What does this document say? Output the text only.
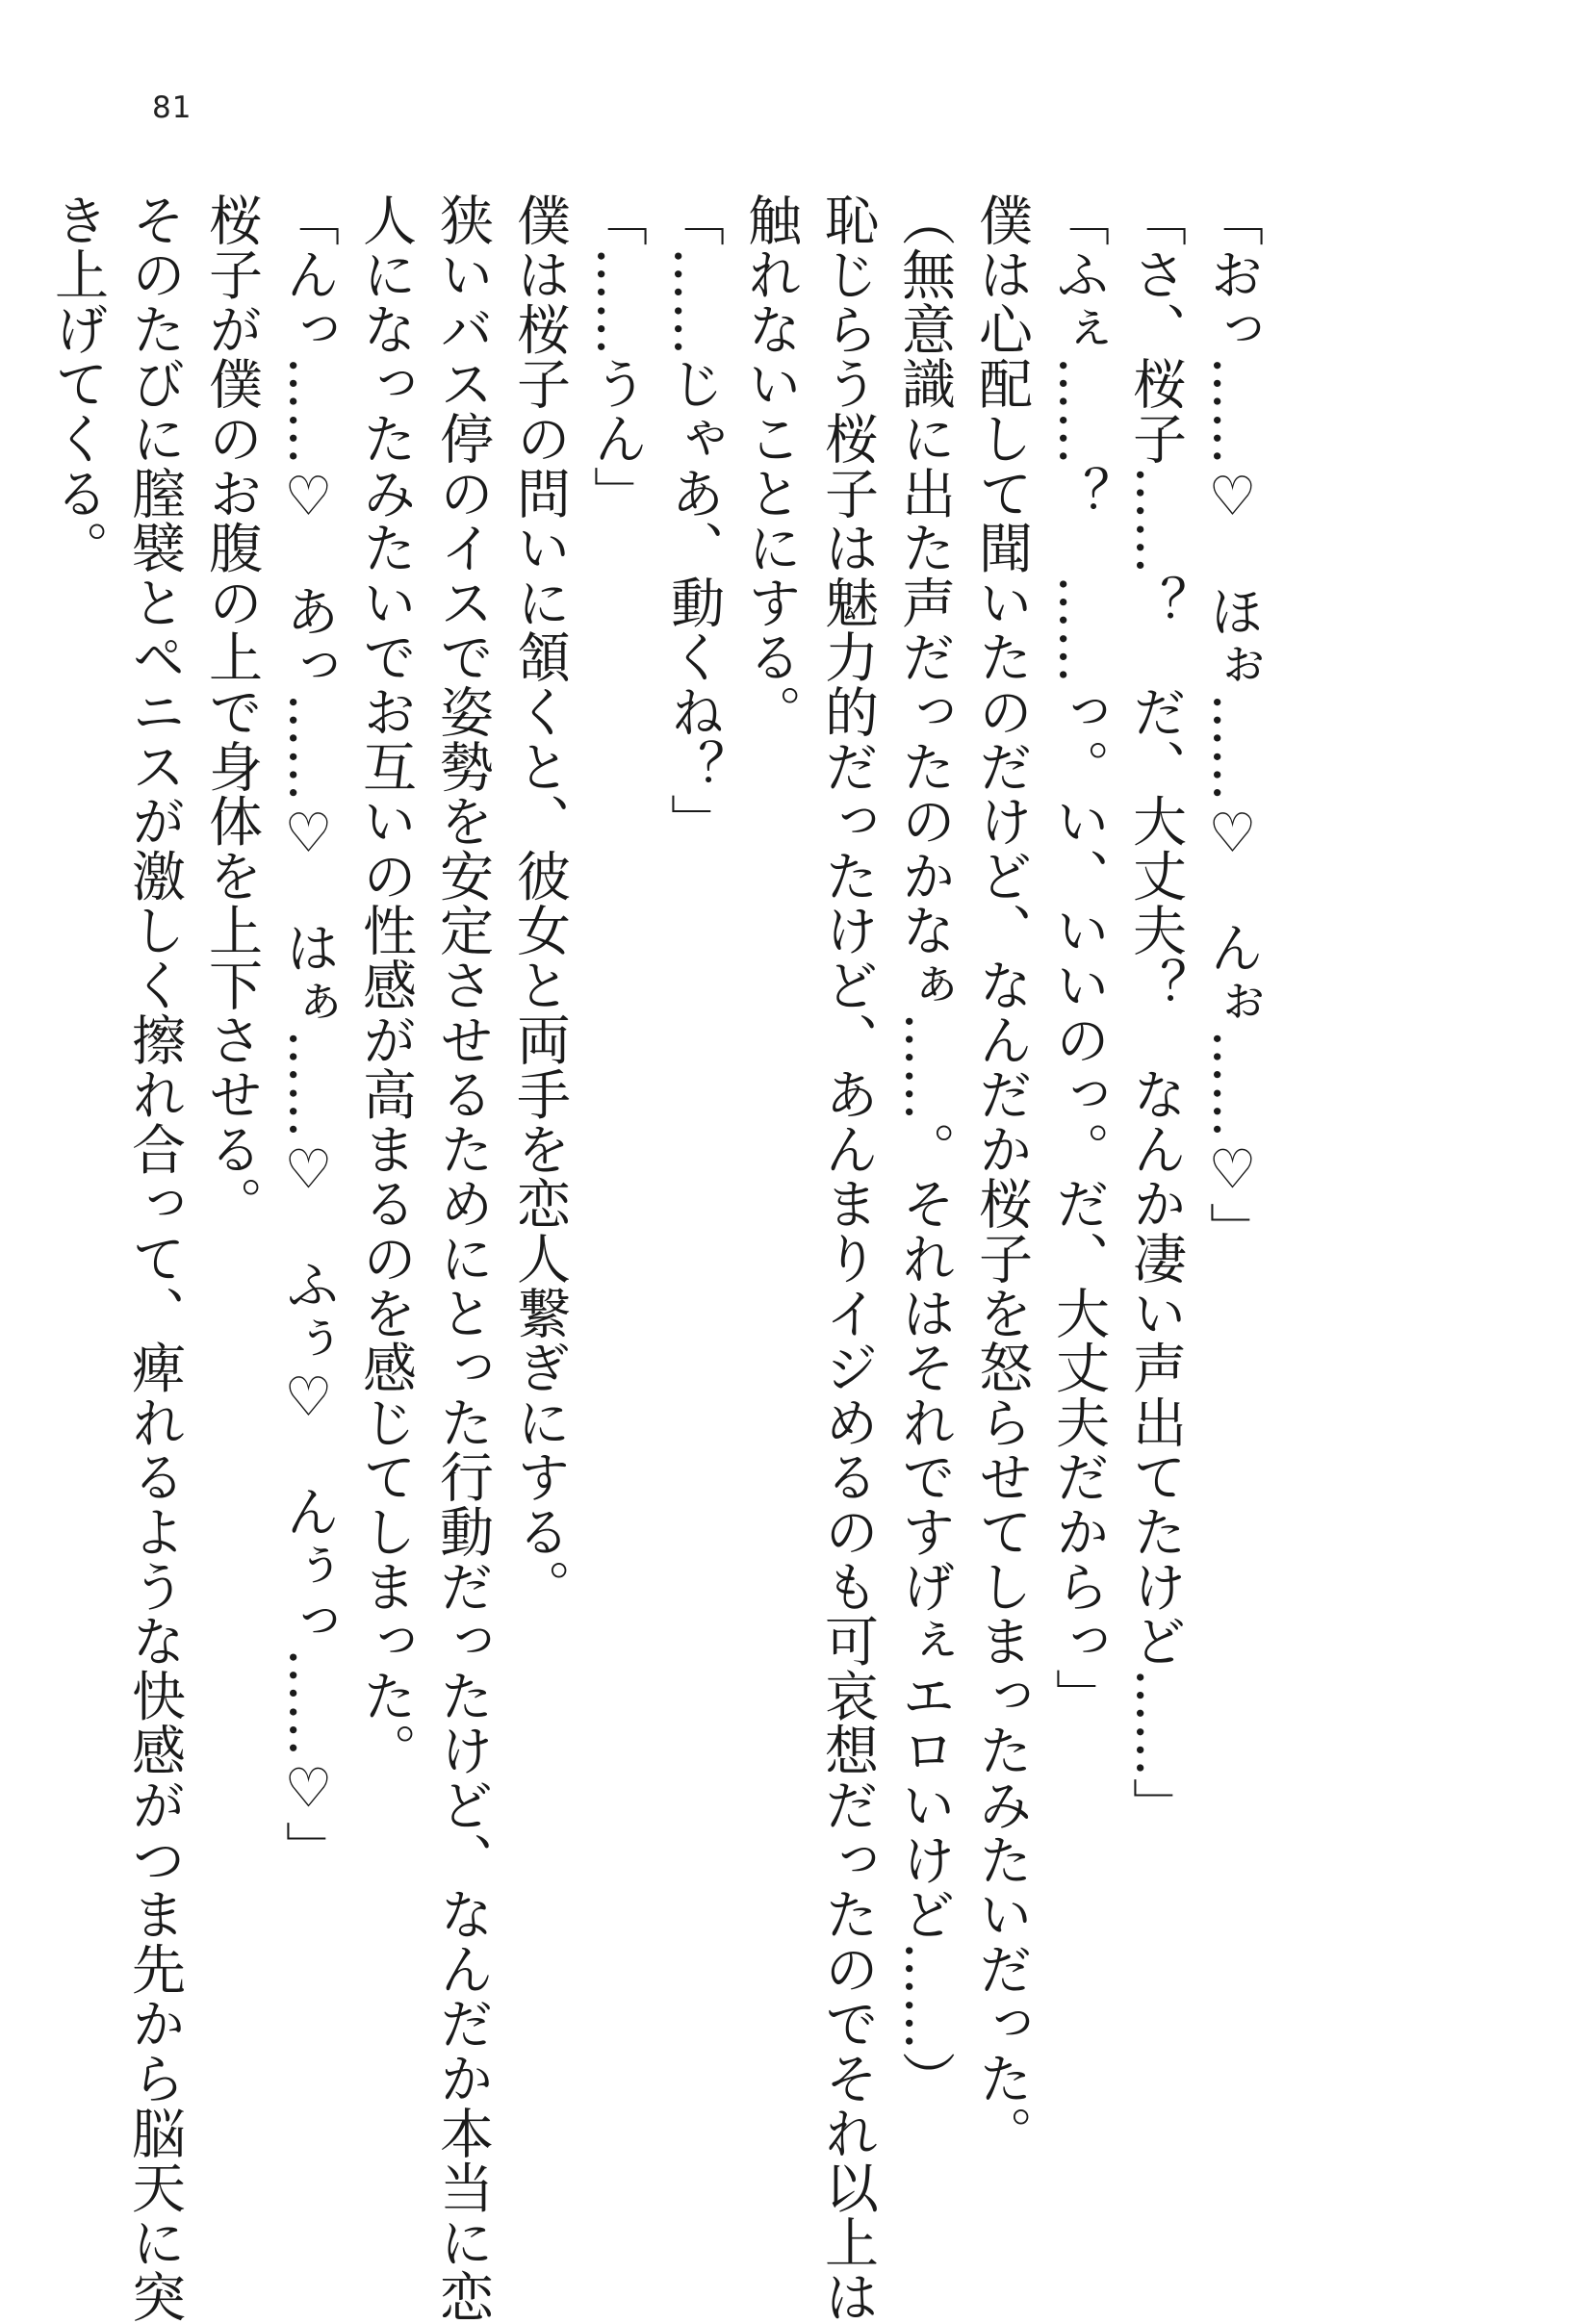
81
「おっ……♡　ほぉ……♡　んぉ……♡」
「さ、桜子……？　だ、大丈夫？　なんか凄い声出てたけど……」
「ふぇ……？　……っ。い、いいのっ。だ、大丈夫だからっ」
僕は心配して聞いたのだけど、なんだか桜子を怒らせてしまったみたいだった。
（無意識に出た声だったのかなぁ……。それはそれですげぇエロいけど……）
恥じらう桜子は魅力的だったけど、あんまりイジめるのも可哀想だったのでそれ以上は
触れないことにする。
「……じゃあ、動くね？」
「……うん」
僕は桜子の問いに頷くと、彼女と両手を恋人繋ぎにする。
狭いバス停のイスで姿勢を安定させるためにとった行動だったけど、なんだか本当に恋
人になったみたいでお互いの性感が高まるのを感じてしまった。
「んっ……♡　あっ……♡　はぁ……♡　ふぅ♡　んぅっ……♡」
桜子が僕のお腹の上で身体を上下させる。
そのたびに膣襞とペニスが激しく擦れ合って、痺れるような快感がつま先から脳天に突
き上げてくる。
